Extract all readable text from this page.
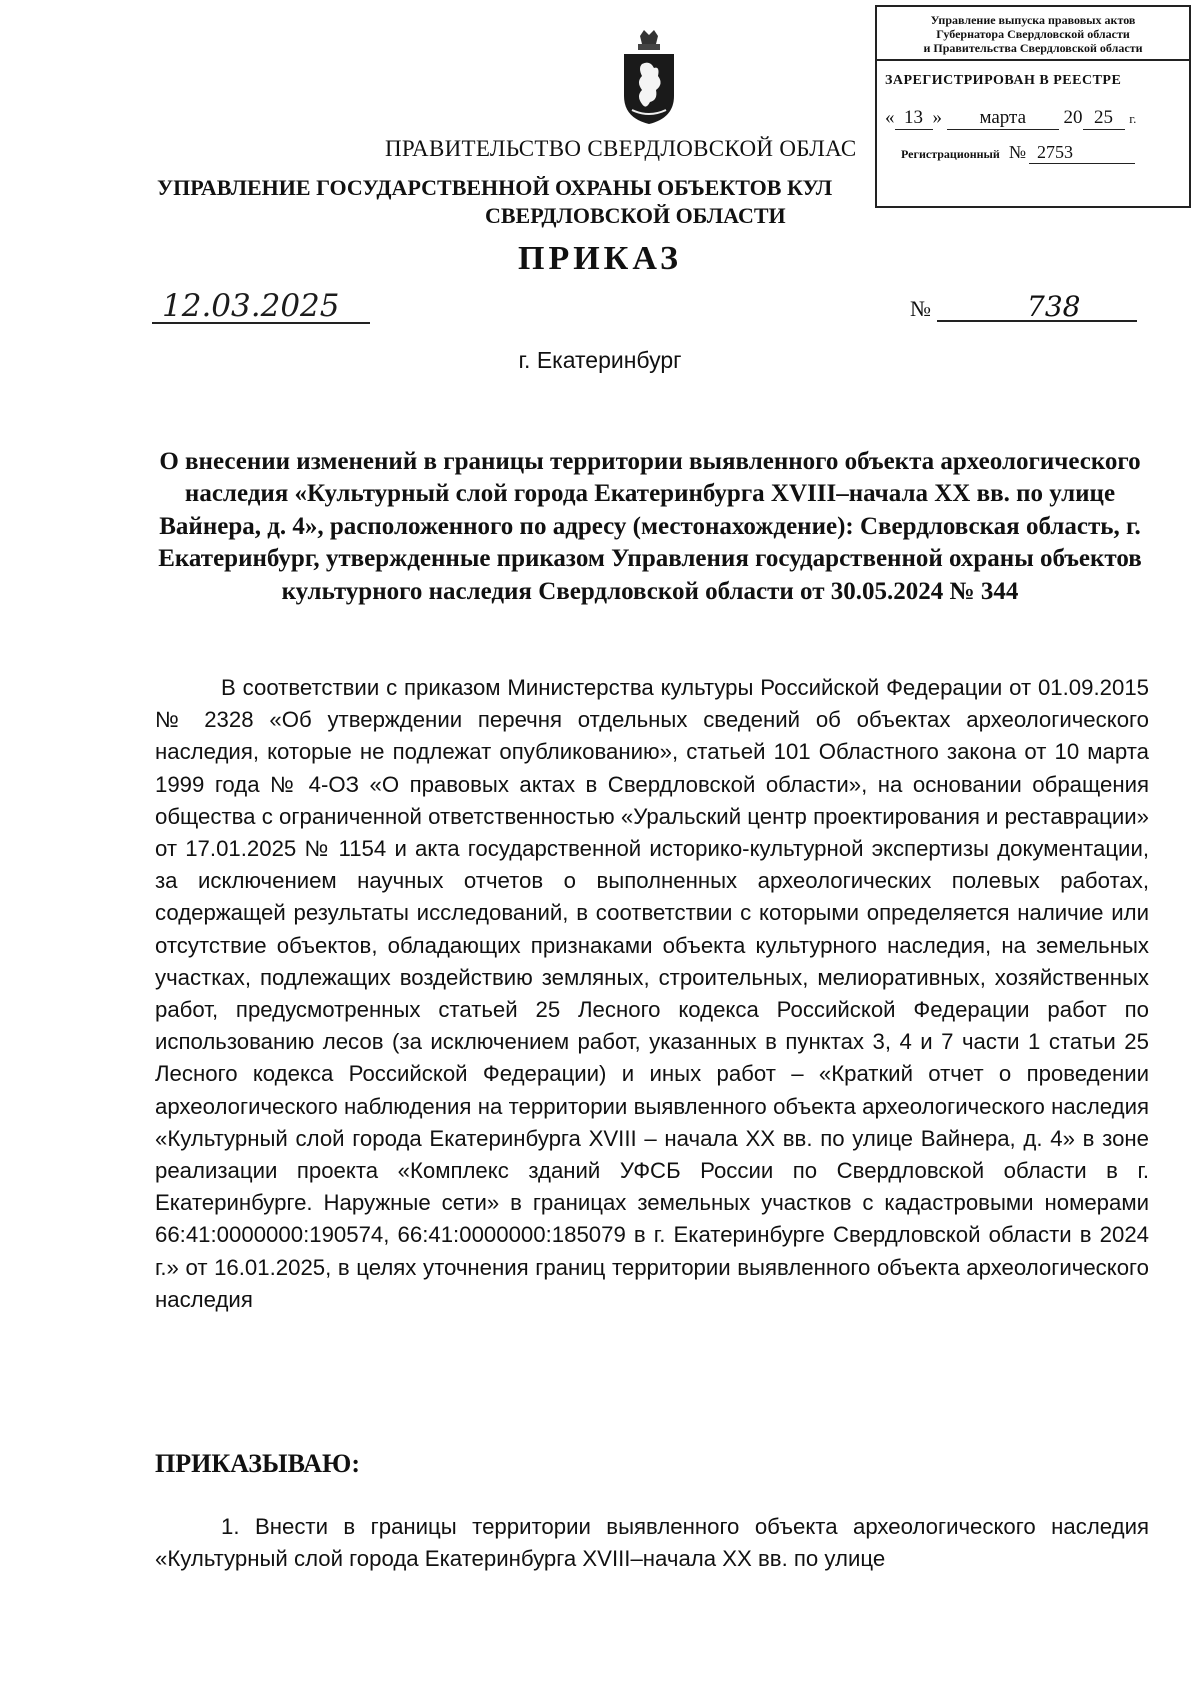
Управление выпуска правовых актов
Губернатора Свердловской области
и Правительства Свердловской области
ЗАРЕГИСТРИРОВАН В РЕЕСТРЕ
« 13 » марта 20 25 г.
Регистрационный № 2753
ПРАВИТЕЛЬСТВО СВЕРДЛОВСКОЙ ОБЛАС
УПРАВЛЕНИЕ ГОСУДАРСТВЕННОЙ ОХРАНЫ ОБЪЕКТОВ КУЛ
СВЕРДЛОВСКОЙ ОБЛАСТИ
ПРИКАЗ
12.03.2025	№	738
г. Екатеринбург
О внесении изменений в границы территории выявленного объекта археологического наследия «Культурный слой города Екатеринбурга XVIII–начала XX вв. по улице Вайнера, д. 4», расположенного по адресу (местонахождение): Свердловская область, г. Екатеринбург, утвержденные приказом Управления государственной охраны объектов культурного наследия Свердловской области от 30.05.2024 № 344

В соответствии с приказом Министерства культуры Российской Федерации от 01.09.2015 № 2328 «Об утверждении перечня отдельных сведений об объектах археологического наследия, которые не подлежат опубликованию», статьей 101 Областного закона от 10 марта 1999 года № 4-ОЗ «О правовых актах в Свердловской области», на основании обращения общества с ограниченной ответственностью «Уральский центр проектирования и реставрации» от 17.01.2025 № 1154 и акта государственной историко-культурной экспертизы документации, за исключением научных отчетов о выполненных археологических полевых работах, содержащей результаты исследований, в соответствии с которыми определяется наличие или отсутствие объектов, обладающих признаками объекта культурного наследия, на земельных участках, подлежащих воздействию земляных, строительных, мелиоративных, хозяйственных работ, предусмотренных статьей 25 Лесного кодекса Российской Федерации работ по использованию лесов (за исключением работ, указанных в пунктах 3, 4 и 7 части 1 статьи 25 Лесного кодекса Российской Федерации) и иных работ – «Краткий отчет о проведении археологического наблюдения на территории выявленного объекта археологического наследия «Культурный слой города Екатеринбурга XVIII – начала XX вв. по улице Вайнера, д. 4» в зоне реализации проекта «Комплекс зданий УФСБ России по Свердловской области в г. Екатеринбурге. Наружные сети» в границах земельных участков с кадастровыми номерами 66:41:0000000:190574, 66:41:0000000:185079 в г. Екатеринбурге Свердловской области в 2024 г.» от 16.01.2025, в целях уточнения границ территории выявленного объекта археологического наследия

ПРИКАЗЫВАЮ:

1. Внести в границы территории выявленного объекта археологического наследия «Культурный слой города Екатеринбурга XVIII–начала XX вв. по улице
